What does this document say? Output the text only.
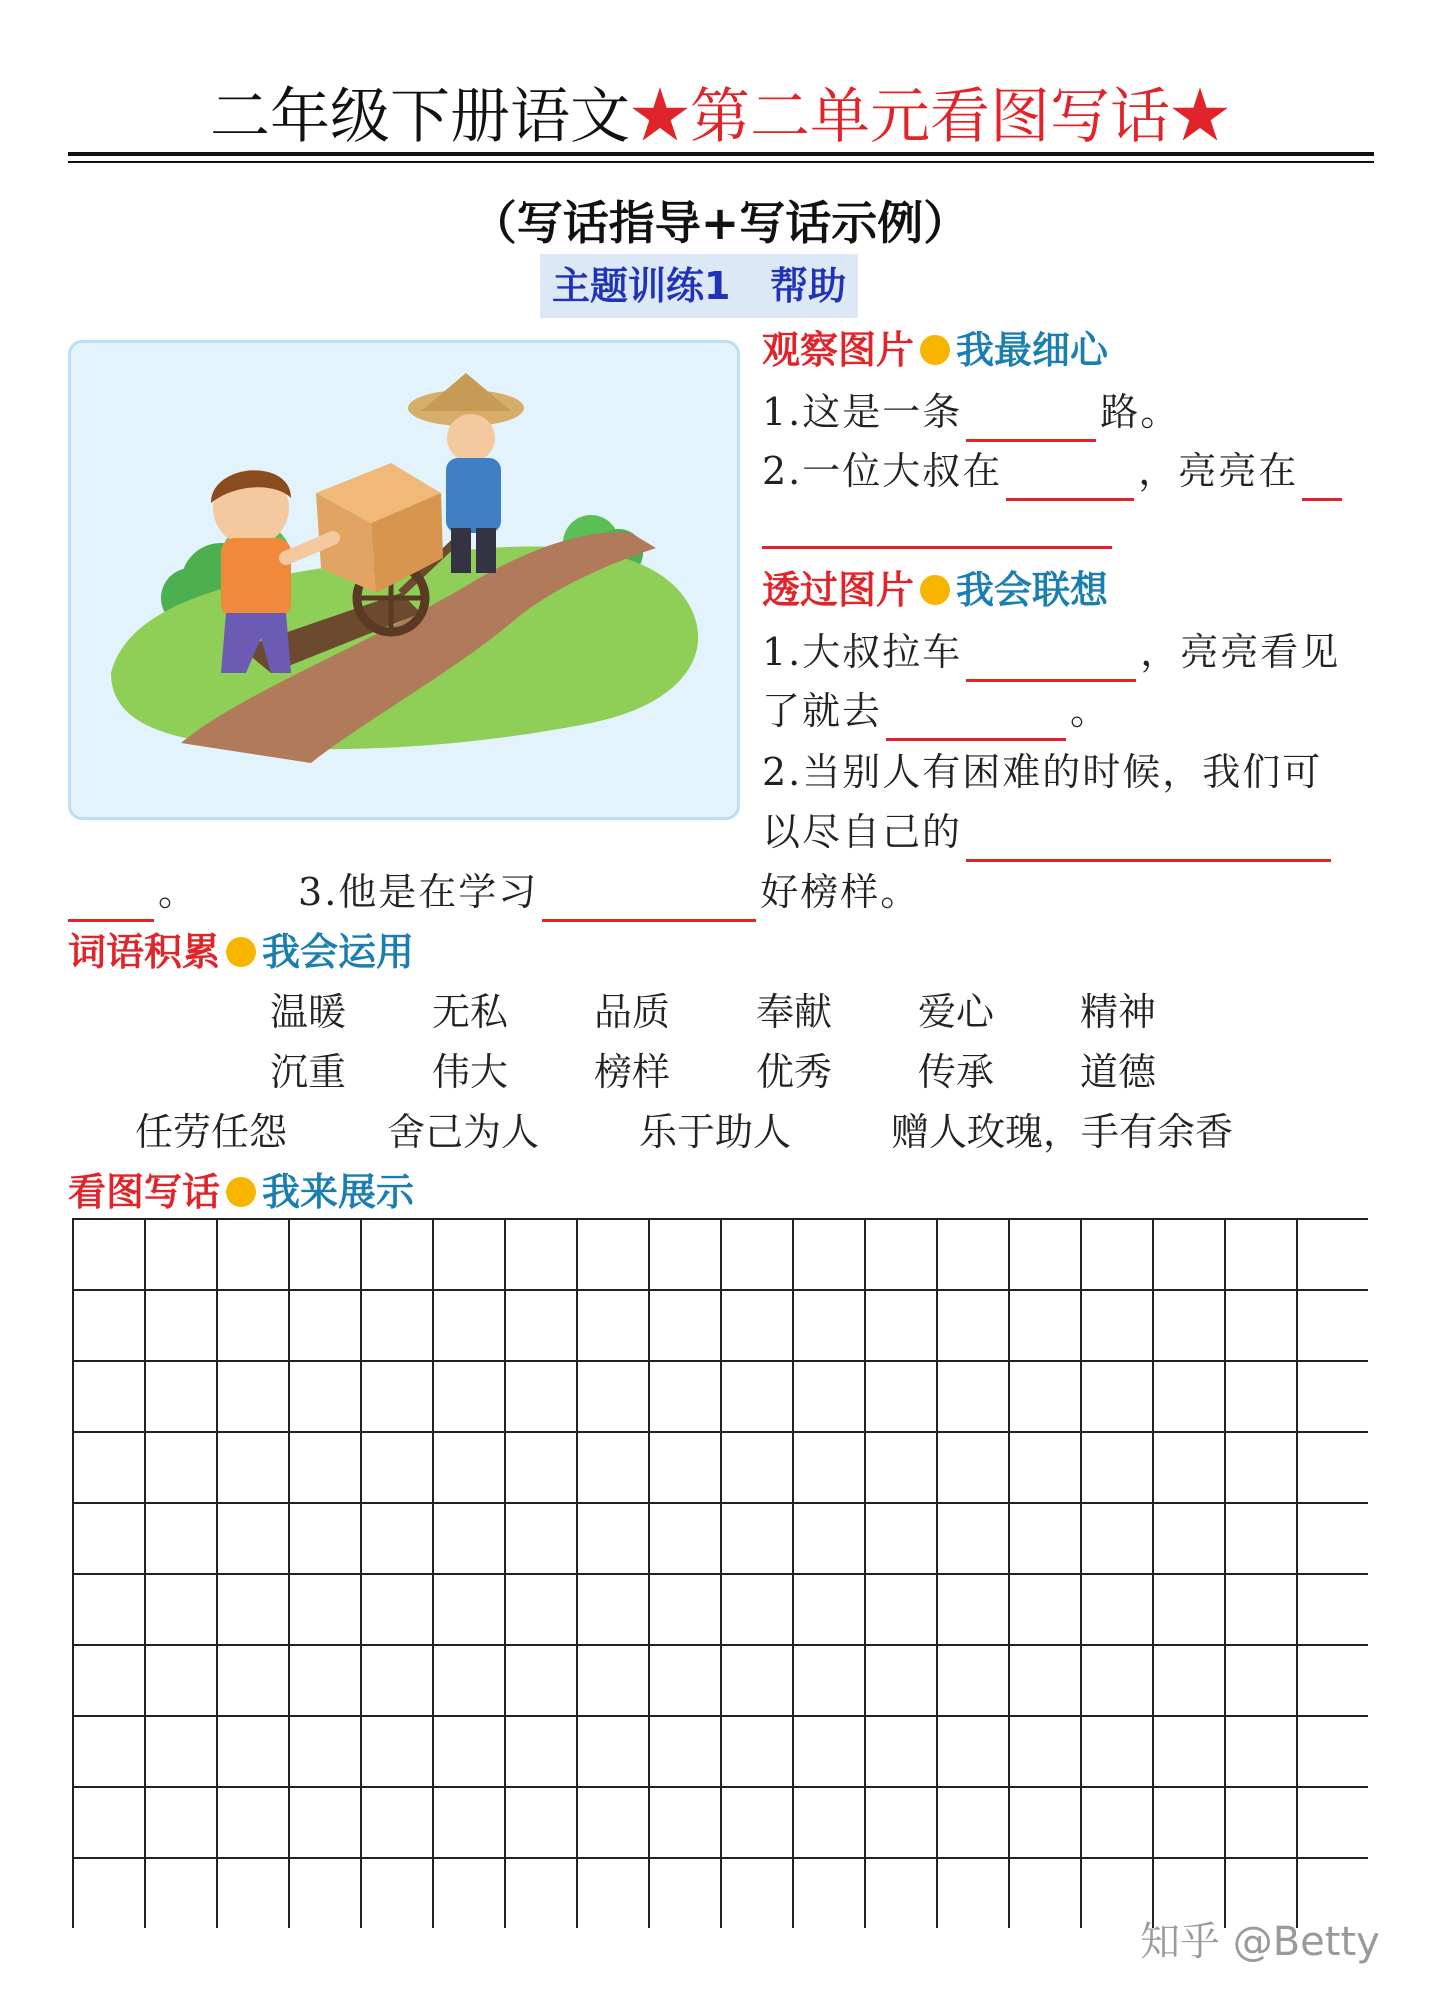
二年级下册语文★第二单元看图写话★
（写话指导+写话示例）
主题训练1   帮助
观察图片 我最细心
1.这是一条	路。
2.一位大叔在	，亮亮在
透过图片 我会联想
1.大叔拉车	，亮亮看见
了就去	。
2.当别人有困难的时候，我们可
以尽自己的
。	3.他是在学习	好榜样。
词语积累 我会运用
温暖 无私 品质 奉献 爱心 精神
沉重 伟大 榜样 优秀 传承 道德
任劳任怨	舍己为人	乐于助人	赠人玫瑰，手有余香
看图写话 我来展示
知乎 @Betty
